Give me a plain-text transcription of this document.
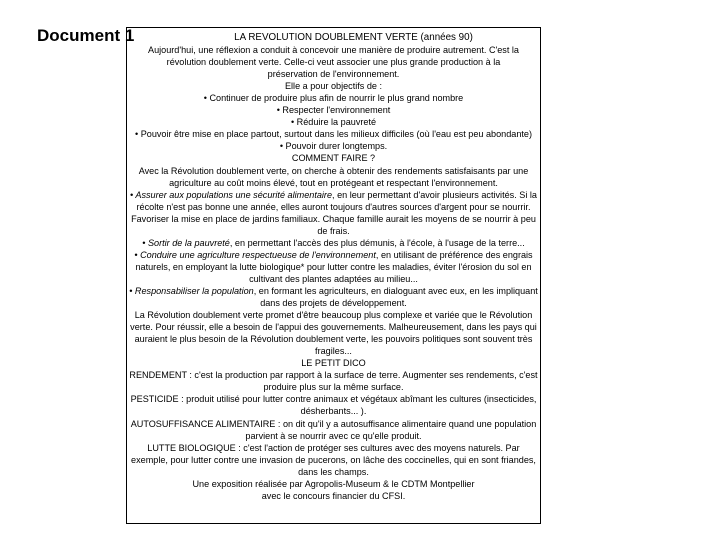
Document 1	LA REVOLUTION DOUBLEMENT VERTE (années 90)

Aujourd'hui, une réflexion a conduit à concevoir une manière de produire autrement. C'est la

révolution doublement verte. Celle-ci veut associer une plus grande production à la

préservation de l'environnement.

Elle a pour objectifs de :

• Continuer de produire plus afin de nourrir le plus grand nombre

• Respecter l'environnement

• Réduire la pauvreté

• Pouvoir être mise en place partout, surtout dans les milieux difficiles (où l'eau est peu abondante)

• Pouvoir durer longtemps.

COMMENT FAIRE ?

Avec la Révolution doublement verte, on cherche à obtenir des rendements satisfaisants par une agriculture au coût moins élevé, tout en protégeant et respectant l'environnement.

• Assurer aux populations une sécurité alimentaire, en leur permettant d'avoir plusieurs activités. Si la récolte n'est pas bonne une année, elles auront toujours d'autres sources d'argent pour se nourrir. Favoriser la mise en place de jardins familiaux. Chaque famille aurait les moyens de se nourrir à peu de frais.

• Sortir de la pauvreté, en permettant l'accès des plus démunis, à l'école, à l'usage de la terre...

• Conduire une agriculture respectueuse de l'environnement, en utilisant de préférence des engrais naturels, en employant la lutte biologique* pour lutter contre les maladies, éviter l'érosion du sol en cultivant des plantes adaptées au milieu...

• Responsabiliser la population, en formant les agriculteurs, en dialoguant avec eux, en les impliquant dans des projets de développement.

La Révolution doublement verte promet d'être beaucoup plus complexe et variée que le Révolution verte. Pour réussir, elle a besoin de l'appui des gouvernements. Malheureusement, dans les pays qui auraient le plus besoin de la Révolution doublement verte, les pouvoirs politiques sont souvent très fragiles...

LE PETIT DICO

RENDEMENT : c'est la production par rapport à la surface de terre. Augmenter ses rendements, c'est produire plus sur la même surface.

PESTICIDE : produit utilisé pour lutter contre animaux et végétaux abîmant les cultures (insecticides, désherbants... ).

AUTOSUFFISANCE ALIMENTAIRE : on dit qu'il y a autosuffisance alimentaire quand une population parvient à se nourrir avec ce qu'elle produit.

LUTTE BIOLOGIQUE : c'est l'action de protéger ses cultures avec des moyens naturels. Par exemple, pour lutter contre une invasion de pucerons, on lâche des coccinelles, qui en sont friandes, dans les champs.

Une exposition réalisée par Agropolis-Museum & le CDTM Montpellier

avec le concours financier du CFSI.
